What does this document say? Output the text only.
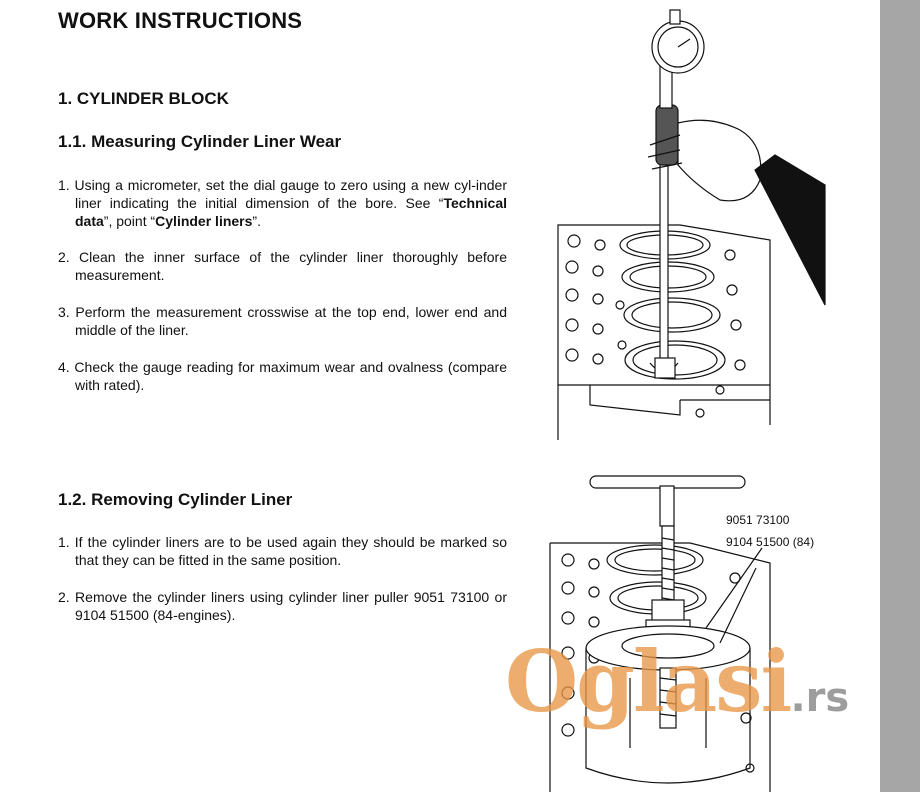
WORK INSTRUCTIONS
1. CYLINDER BLOCK
1.1. Measuring Cylinder Liner Wear

1. Using a micrometer, set the dial gauge to zero using a new cyl-inder liner indicating the initial dimension of the bore. See “Technical data”, point “Cylinder liners”.

2. Clean the inner surface of the cylinder liner thoroughly before measurement.

3. Perform the measurement crosswise at the top end, lower end and middle of the liner.

4. Check the gauge reading for maximum wear and ovalness (compare with rated).

1.2. Removing Cylinder Liner

1. If the cylinder liners are to be used again they should be marked so that they can be fitted in the same position.

2. Remove the cylinder liners using cylinder liner puller 9051 73100 or 9104 51500 (84-engines).

9051 73100
9104 51500 (84)
Oglasi.rs
